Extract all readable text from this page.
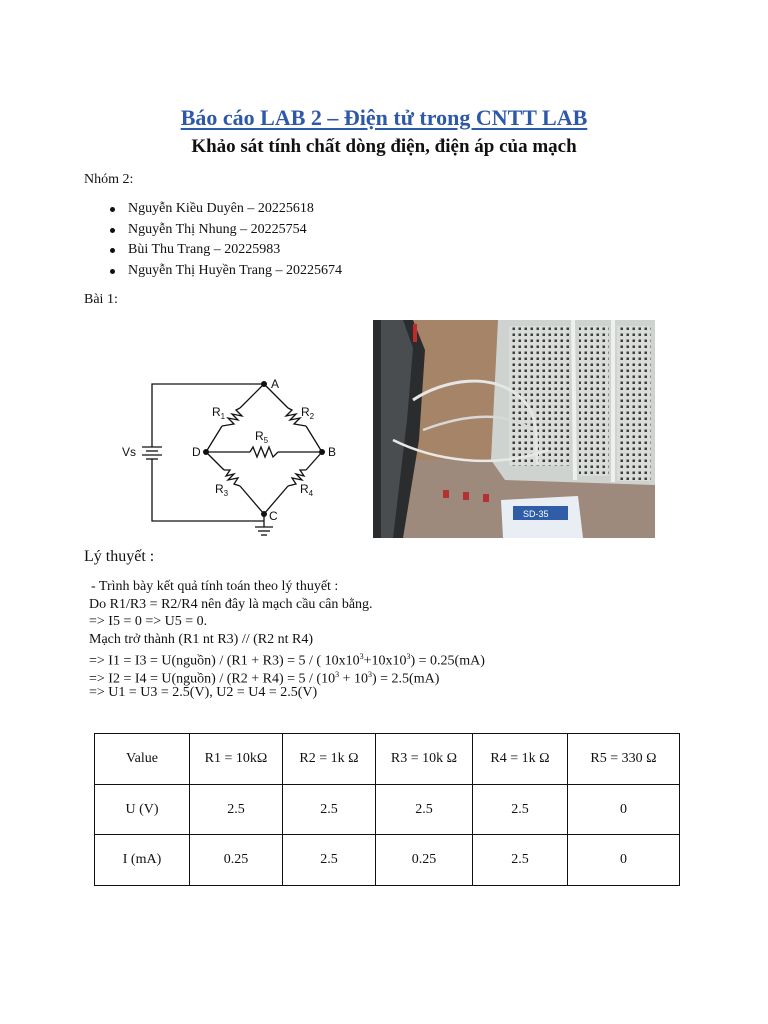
Báo cáo LAB 2 – Điện tử trong CNTT LAB
Khảo sát tính chất dòng điện, điện áp của mạch
Nhóm 2:
Nguyễn Kiều Duyên – 20225618
Nguyễn Thị Nhung – 20225754
Bùi Thu Trang – 20225983
Nguyễn Thị Huyền Trang – 20225674
Bài 1:
A
D	B
C
Vs
$R_1$	$R_2$
$R_3$	$R_4$
$R_5$
SD-35
Lý thuyết :
- Trình bày kết quả tính toán theo lý thuyết :
Do R1/R3 = R2/R4 nên đây là mạch cầu cân bằng.
=> I5 = 0 => U5 = 0.
Mạch trở thành (R1 nt R3) // (R2 nt R4)
=> I1 = I3 = U(nguồn) / (R1 + R3) = 5 / ( $10x10^3+10x10^3) = 0.25(mA)$
=> I2 = I4 = U(nguồn) / $(R2 + R4) = 5 / (10^3 + 10^3) = 2.5(mA)$
=> U1 = U3 = 2.5(V), U2 = U4 = 2.5(V)
Value	R1 = 10kΩ	R2 = 1k Ω	R3 = 10k Ω	R4 = 1k Ω	R5 = 330 Ω
U (V)	2.5	2.5	2.5	2.5	0
I (mA)	0.25	2.5	0.25	2.5	0
